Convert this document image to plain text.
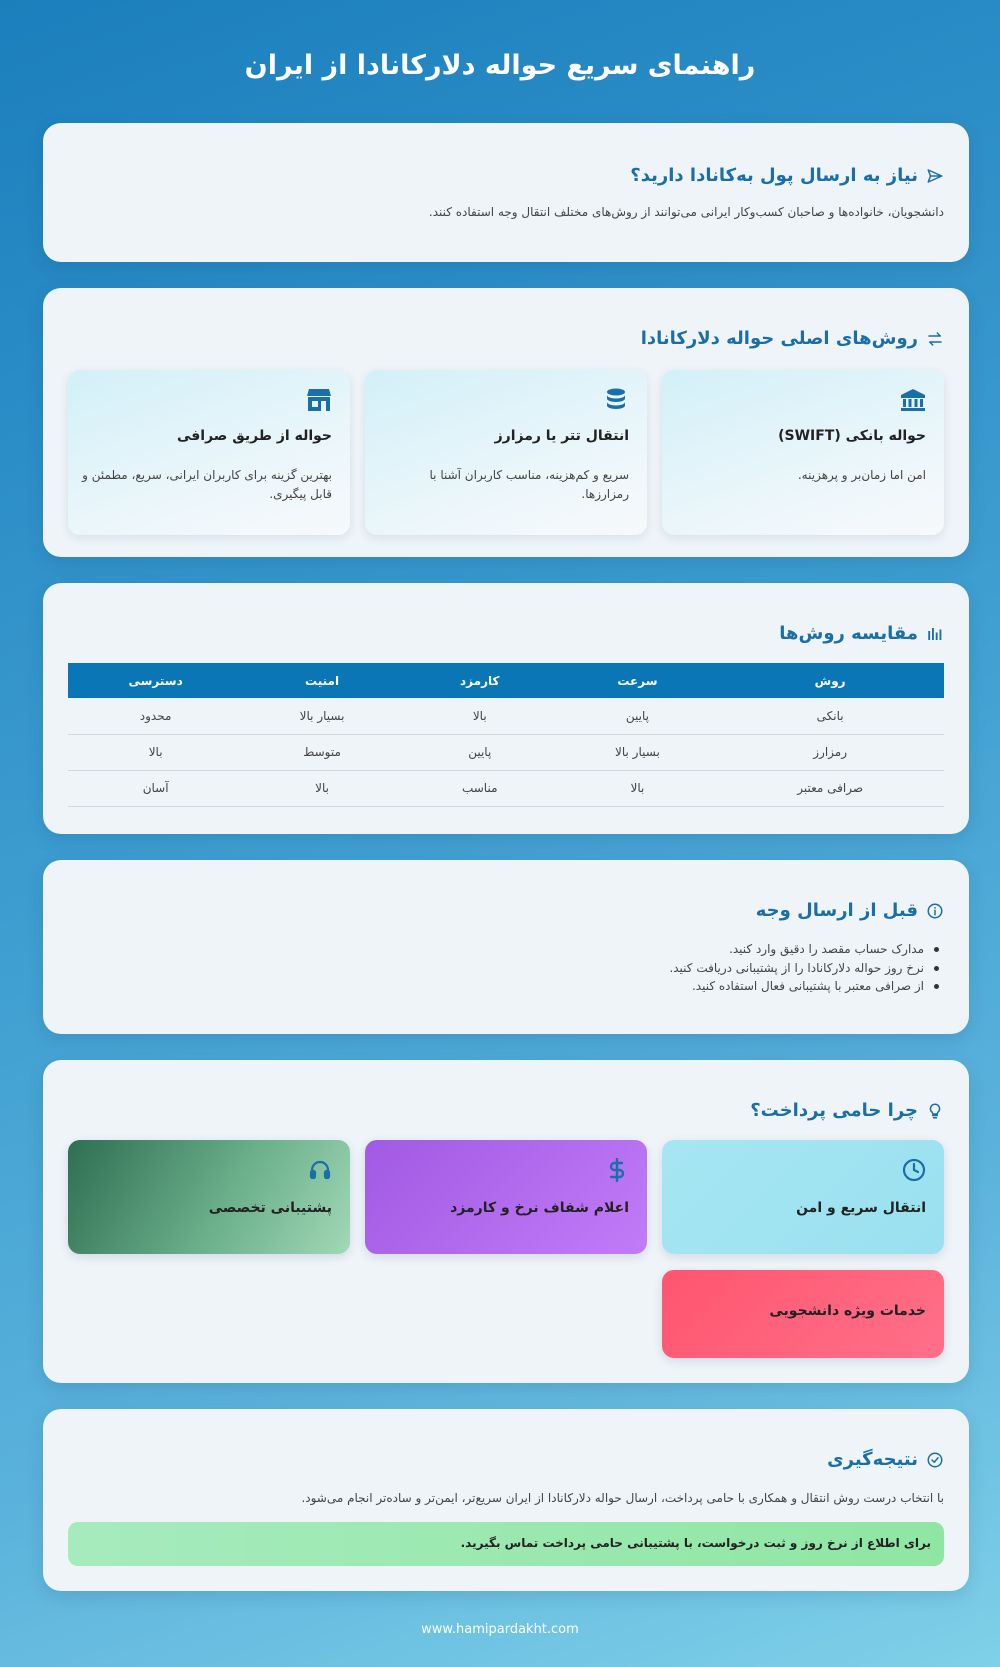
راهنمای سریع حواله دلارکانادا از ایران
نیاز به ارسال پول به‌کانادا دارید؟

دانشجویان، خانواده‌ها و صاحبان کسب‌وکار ایرانی می‌توانند از روش‌های مختلف انتقال وجه استفاده کنند.

روش‌های اصلی حواله دلارکانادا
حواله بانکی (SWIFT)
امن اما زمان‌بر و پرهزینه.
انتقال تتر یا رمزارز
سریع و کم‌هزینه، مناسب کاربران آشنا با رمزارزها.
حواله از طریق صرافی
بهترین گزینه برای کاربران ایرانی، سریع، مطمئن و قابل پیگیری.
مقایسه روش‌ها
روش	سرعت	کارمزد	امنیت	دسترسی
بانکی	پایین	بالا	بسیار بالا	محدود
رمزارز	بسیار بالا	پایین	متوسط	بالا
صرافی معتبر	بالا	مناسب	بالا	آسان
قبل از ارسال وجه
مدارک حساب مقصد را دقیق وارد کنید.
نرخ روز حواله دلارکانادا را از پشتیبانی دریافت کنید.
از صرافی معتبر با پشتیبانی فعال استفاده کنید.
چرا حامی پرداخت؟
انتقال سریع و امن
اعلام شفاف نرخ و کارمزد
پشتیبانی تخصصی
خدمات ویژه دانشجویی
نتیجه‌گیری

با انتخاب درست روش انتقال و همکاری با حامی پرداخت، ارسال حواله دلارکانادا از ایران سریع‌تر، ایمن‌تر و ساده‌تر انجام می‌شود.

برای اطلاع از نرخ روز و ثبت درخواست، با پشتیبانی حامی پرداخت تماس بگیرید.
www.hamipardakht.com
